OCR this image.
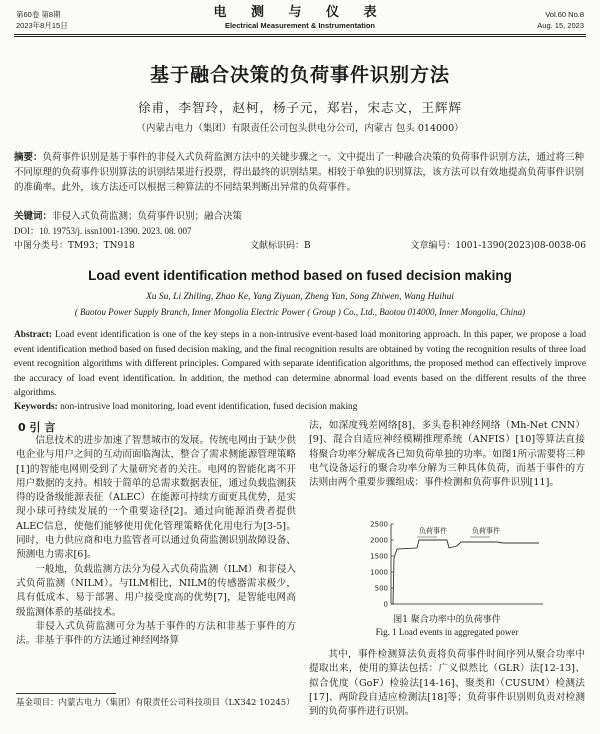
第60卷 第8期
2023年8月15日
电 测 与 仪 表
Electrical Measurement & Instrumentation
Vol.60 No.8
Aug. 15, 2023
基于融合决策的负荷事件识别方法
徐甫，李智玲，赵柯，杨子元，郑岩，宋志文，王辉辉
（内蒙古电力（集团）有限责任公司包头供电分公司，内蒙古 包头 014000）
摘要：负荷事件识别是基于事件的非侵入式负荷监测方法中的关键步骤之一。文中提出了一种融合决策的负荷事件识别方法，通过将三种不同原理的负荷事件识别算法的识别结果进行投票，得出最终的识别结果。相较于单独的识别算法，该方法可以有效地提高负荷事件识别的准确率。此外，该方法还可以根据三种算法的不同结果判断出异常的负荷事件。
关键词：非侵入式负荷监测；负荷事件识别；融合决策
DOI：10. 19753/j. issn1001-1390. 2023. 08. 007
中图分类号：TM93；TN918	文献标识码：B	文章编号：1001-1390(2023)08-0038-06
Load event identification method based on fused decision making
Xu Su, Li Zhiling, Zhao Ke, Yang Ziyuan, Zheng Yan, Song Zhiwen, Wang Huihui
( Baotou Power Supply Branch, Inner Mongolia Electric Power ( Group ) Co., Ltd., Baotou 014000, Inner Mongolia, China)
Abstract: Load event identification is one of the key steps in a non-intrusive event-based load monitoring approach. In this paper, we propose a load event identification method based on fused decision making, and the final recognition results are obtained by voting the recognition results of three load event recognition algorithms with different principles. Compared with separate identification algorithms, the proposed method can effectively improve the accuracy of load event identification. In addition, the method can determine abnormal load events based on the different results of the three algorithms.
Keywords: non-intrusive load monitoring, load event identification, fused decision making
0 引 言

信息技术的进步加速了智慧城市的发展。传统电网由于缺少供电企业与用户之间的互动而面临淘汰，整合了需求侧能源管理策略[1]的智能电网则受到了大量研究者的关注。电网的智能化离不开用户数据的支持。相较于简单的总需求数据表征，通过负载监测获得的设备级能源表征（ALEC）在能源可持续方面更具优势，是实现小球可持续发展的一个重要途径[2]。通过向能源消费者提供ALEC信息，使他们能够使用优化管理策略优化用电行为[3-5]。同时，电力供应商和电力监管者可以通过负荷监测识别故障设备、预测电力需求[6]。

一般地，负载监测方法分为侵入式负荷监测（ILM）和非侵入式负荷监测（NILM）。与ILM相比，NILM的传感器需求极少，具有低成本、易于部署、用户接受度高的优势[7]，是智能电网高级监测体系的基础技术。

非侵入式负荷监测可分为基于事件的方法和非基于事件的方法。非基于事件的方法通过神经网络算

法，如深度残差网络[8]、多头卷积神经网络（Mh-Net CNN）[9]、混合自适应神经模糊推理系统（ANFIS）[10]等算法直接将聚合功率分解成各已知负荷单独的功率。如图1所示需要将三种电气设备运行的聚合功率分解为三种具体负荷，而基于事件的方法则由两个重要步骤组成：事件检测和负荷事件识别[11]。

2500
2000
1500
1000
500
0
负荷事件	负荷事件
图1 聚合功率中的负荷事件
Fig. 1 Load events in aggregated power

其中，事件检测算法负责将负荷事件时间序列从聚合功率中提取出来，使用的算法包括：广义似然比（GLR）法[12-13]、拟合优度（GoF）检验法[14-16]、聚类和（CUSUM）检测法[17]、两阶段自适应检测法[18]等；负荷事件识别则负责对检测到的负荷事件进行识别。

基金项目：内蒙古电力（集团）有限责任公司科技项目（LX342 10245）
